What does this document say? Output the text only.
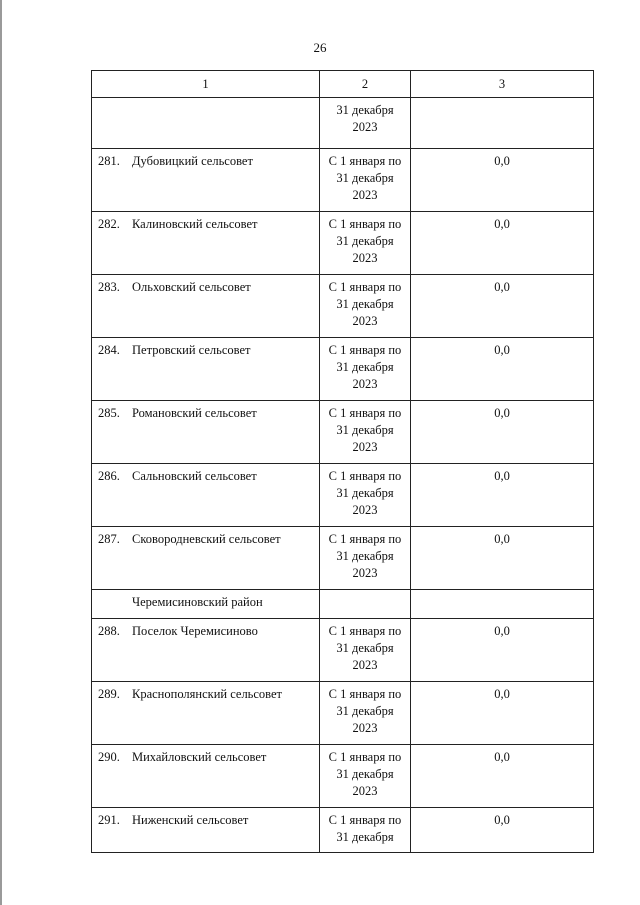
26
1	2	3

	31 декабря
2023	

281. Дубовицкий сельсовет	С 1 января по
31 декабря
2023	0,0
282. Калиновский сельсовет	С 1 января по
31 декабря
2023	0,0
283. Ольховский сельсовет	С 1 января по
31 декабря
2023	0,0
284. Петровский сельсовет	С 1 января по
31 декабря
2023	0,0
285. Романовский сельсовет	С 1 января по
31 декабря
2023	0,0
286. Сальновский сельсовет	С 1 января по
31 декабря
2023	0,0
287. Сковородневский сельсовет	С 1 января по
31 декабря
2023	0,0
Черемисиновский район		
288. Поселок Черемисиново	С 1 января по
31 декабря
2023	0,0
289. Краснополянский сельсовет	С 1 января по
31 декабря
2023	0,0
290. Михайловский сельсовет	С 1 января по
31 декабря
2023	0,0
291. Ниженский сельсовет	С 1 января по
31 декабря	0,0
